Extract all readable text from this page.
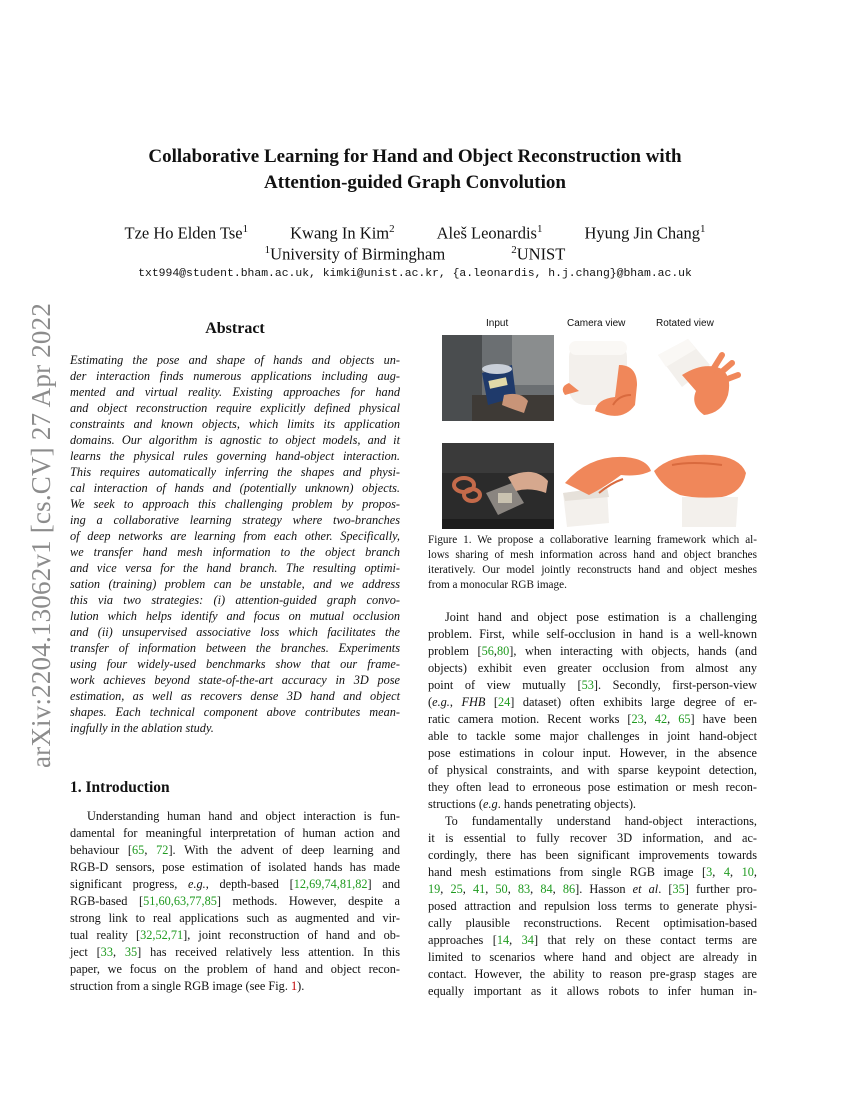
arXiv:2204.13062v1 [cs.CV] 27 Apr 2022
Collaborative Learning for Hand and Object Reconstruction with
Attention-guided Graph Convolution
Tze Ho Elden Tse$^1$	Kwang In Kim$^2$	Aleš Leonardis$^1$	Hyung Jin Chang$^1$
$^1$University of Birmingham	$^2$UNIST
txt994@student.bham.ac.uk, kimki@unist.ac.kr, {a.leonardis, h.j.chang}@bham.ac.uk
Abstract
Estimating the pose and shape of hands and objects un-
der interaction finds numerous applications including aug-
mented and virtual reality. Existing approaches for hand
and object reconstruction require explicitly defined physical
constraints and known objects, which limits its application
domains. Our algorithm is agnostic to object models, and it
learns the physical rules governing hand-object interaction.
This requires automatically inferring the shapes and physi-
cal interaction of hands and (potentially unknown) objects.
We seek to approach this challenging problem by propos-
ing a collaborative learning strategy where two-branches
of deep networks are learning from each other. Specifically,
we transfer hand mesh information to the object branch
and vice versa for the hand branch. The resulting optimi-
sation (training) problem can be unstable, and we address
this via two strategies: (i) attention-guided graph convo-
lution which helps identify and focus on mutual occlusion
and (ii) unsupervised associative loss which facilitates the
transfer of information between the branches. Experiments
using four widely-used benchmarks show that our frame-
work achieves beyond state-of-the-art accuracy in 3D pose
estimation, as well as recovers dense 3D hand and object
shapes. Each technical component above contributes mean-
ingfully in the ablation study.
Input	Camera view	Rotated view
Figure 1. We propose a collaborative learning framework which al-
lows sharing of mesh information across hand and object branches
iteratively. Our model jointly reconstructs hand and object meshes
from a monocular RGB image.
1. Introduction
Understanding human hand and object interaction is fun-
damental for meaningful interpretation of human action and
behaviour [65, 72]. With the advent of deep learning and
RGB-D sensors, pose estimation of isolated hands has made
significant progress, e.g., depth-based [12,69,74,81,82] and
RGB-based [51,60,63,77,85] methods. However, despite a
strong link to real applications such as augmented and vir-
tual reality [32,52,71], joint reconstruction of hand and ob-
ject [33, 35] has received relatively less attention. In this
paper, we focus on the problem of hand and object recon-
struction from a single RGB image (see Fig. 1).
Joint hand and object pose estimation is a challenging
problem. First, while self-occlusion in hand is a well-known
problem [56,80], when interacting with objects, hands (and
objects) exhibit even greater occlusion from almost any
point of view mutually [53]. Secondly, first-person-view
(e.g., FHB [24] dataset) often exhibits large degree of er-
ratic camera motion. Recent works [23, 42, 65] have been
able to tackle some major challenges in joint hand-object
pose estimations in colour input. However, in the absence
of physical constraints, and with sparse keypoint detection,
they often lead to erroneous pose estimation or mesh recon-
structions (e.g. hands penetrating objects).
To fundamentally understand hand-object interactions,
it is essential to fully recover 3D information, and ac-
cordingly, there has been significant improvements towards
hand mesh estimations from single RGB image [3, 4, 10,
19, 25, 41, 50, 83, 84, 86]. Hasson et al. [35] further pro-
posed attraction and repulsion loss terms to generate physi-
cally plausible reconstructions. Recent optimisation-based
approaches [14, 34] that rely on these contact terms are
limited to scenarios where hand and object are already in
contact. However, the ability to reason pre-grasp stages are
equally important as it allows robots to infer human in-
